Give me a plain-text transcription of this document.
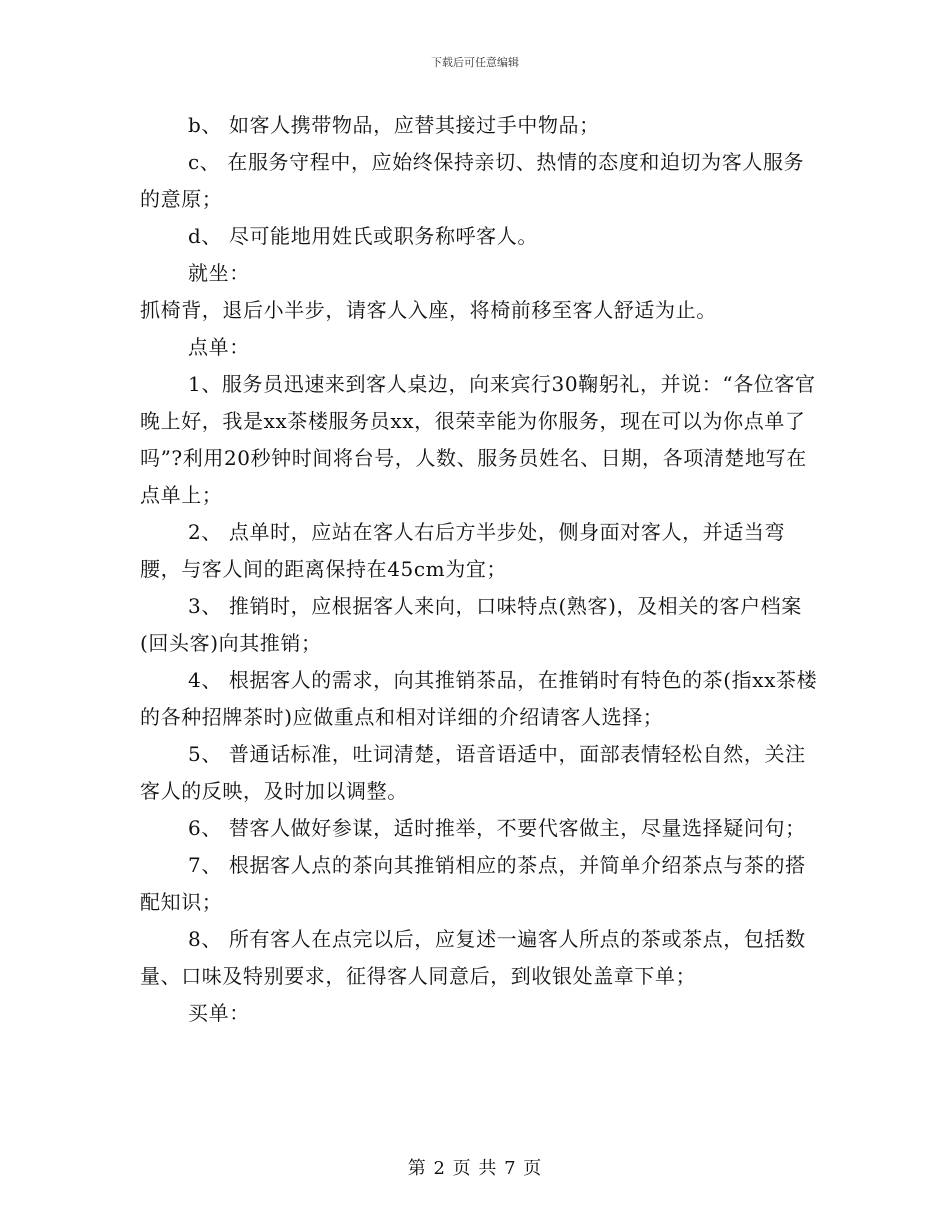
下载后可任意编辑

b、 如客人携带物品，应替其接过手中物品；

c、 在服务守程中，应始终保持亲切、热情的态度和迫切为客人服务的意原；

d、 尽可能地用姓氏或职务称呼客人。

就坐：

抓椅背，退后小半步，请客人入座，将椅前移至客人舒适为止。

点单：

1、服务员迅速来到客人桌边，向来宾行30鞠躬礼，并说：“各位客官晚上好，我是xx茶楼服务员xx，很荣幸能为你服务，现在可以为你点单了吗”?利用20秒钟时间将台号，人数、服务员姓名、日期，各项清楚地写在点单上；

2、 点单时，应站在客人右后方半步处，侧身面对客人，并适当弯腰，与客人间的距离保持在45cm为宜；

3、 推销时，应根据客人来向，口味特点(熟客)，及相关的客户档案(回头客)向其推销；

4、 根据客人的需求，向其推销茶品，在推销时有特色的茶(指xx茶楼的各种招牌茶时)应做重点和相对详细的介绍请客人选择；

5、 普通话标准，吐词清楚，语音语适中，面部表情轻松自然，关注客人的反映，及时加以调整。

6、 替客人做好参谋，适时推举，不要代客做主，尽量选择疑问句；

7、 根据客人点的茶向其推销相应的茶点，并简单介绍茶点与茶的搭配知识；

8、 所有客人在点完以后，应复述一遍客人所点的茶或茶点，包括数量、口味及特别要求，征得客人同意后，到收银处盖章下单；

买单：

第 2 页 共 7 页
